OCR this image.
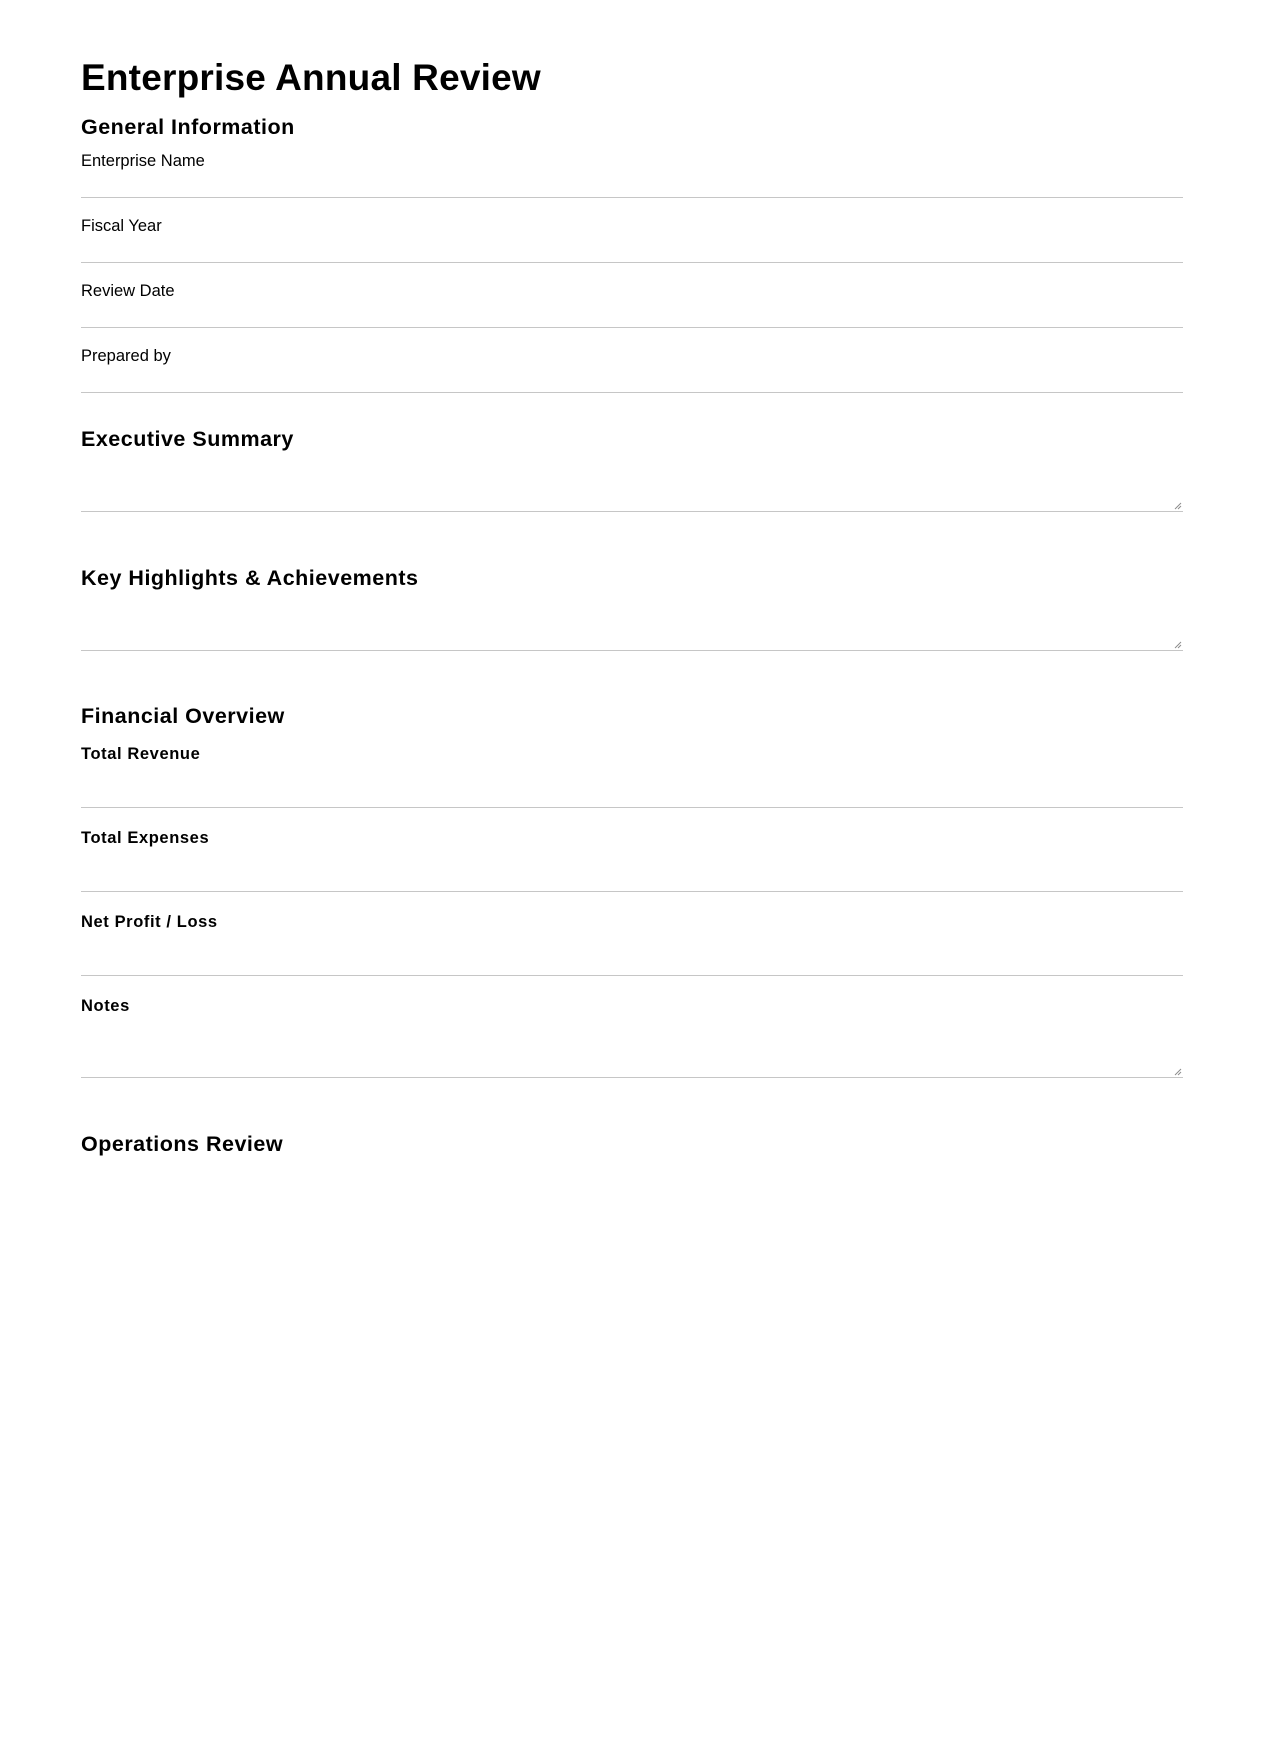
Enterprise Annual Review
General Information
Enterprise Name
Fiscal Year
Review Date
Prepared by
Executive Summary
Key Highlights & Achievements
Financial Overview
Total Revenue
Total Expenses
Net Profit / Loss
Notes
Operations Review
